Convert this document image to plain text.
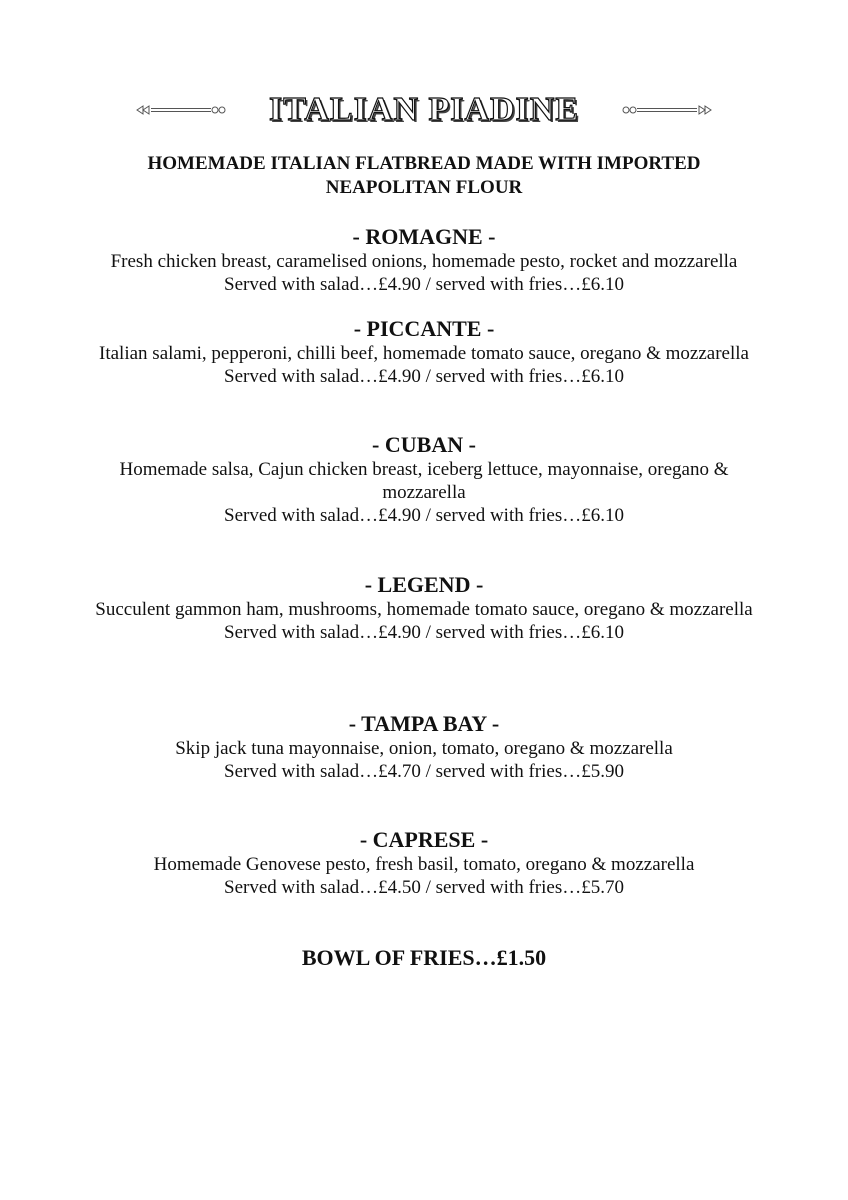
ITALIAN PIADINE
HOMEMADE ITALIAN FLATBREAD MADE WITH IMPORTED
NEAPOLITAN FLOUR
- ROMAGNE -
Fresh chicken breast, caramelised onions, homemade pesto, rocket and mozzarella
Served with salad…£4.90 / served with fries…£6.10
- PICCANTE -
Italian salami, pepperoni, chilli beef, homemade tomato sauce, oregano & mozzarella
Served with salad…£4.90 / served with fries…£6.10
- CUBAN -
Homemade salsa, Cajun chicken breast, iceberg lettuce, mayonnaise, oregano & mozzarella
Served with salad…£4.90 / served with fries…£6.10
- LEGEND -
Succulent gammon ham, mushrooms, homemade tomato sauce, oregano & mozzarella
Served with salad…£4.90 / served with fries…£6.10
- TAMPA BAY -
Skip jack tuna mayonnaise, onion, tomato, oregano & mozzarella
Served with salad…£4.70 / served with fries…£5.90
- CAPRESE -
Homemade Genovese pesto, fresh basil, tomato, oregano & mozzarella
Served with salad…£4.50 / served with fries…£5.70
BOWL OF FRIES…£1.50
